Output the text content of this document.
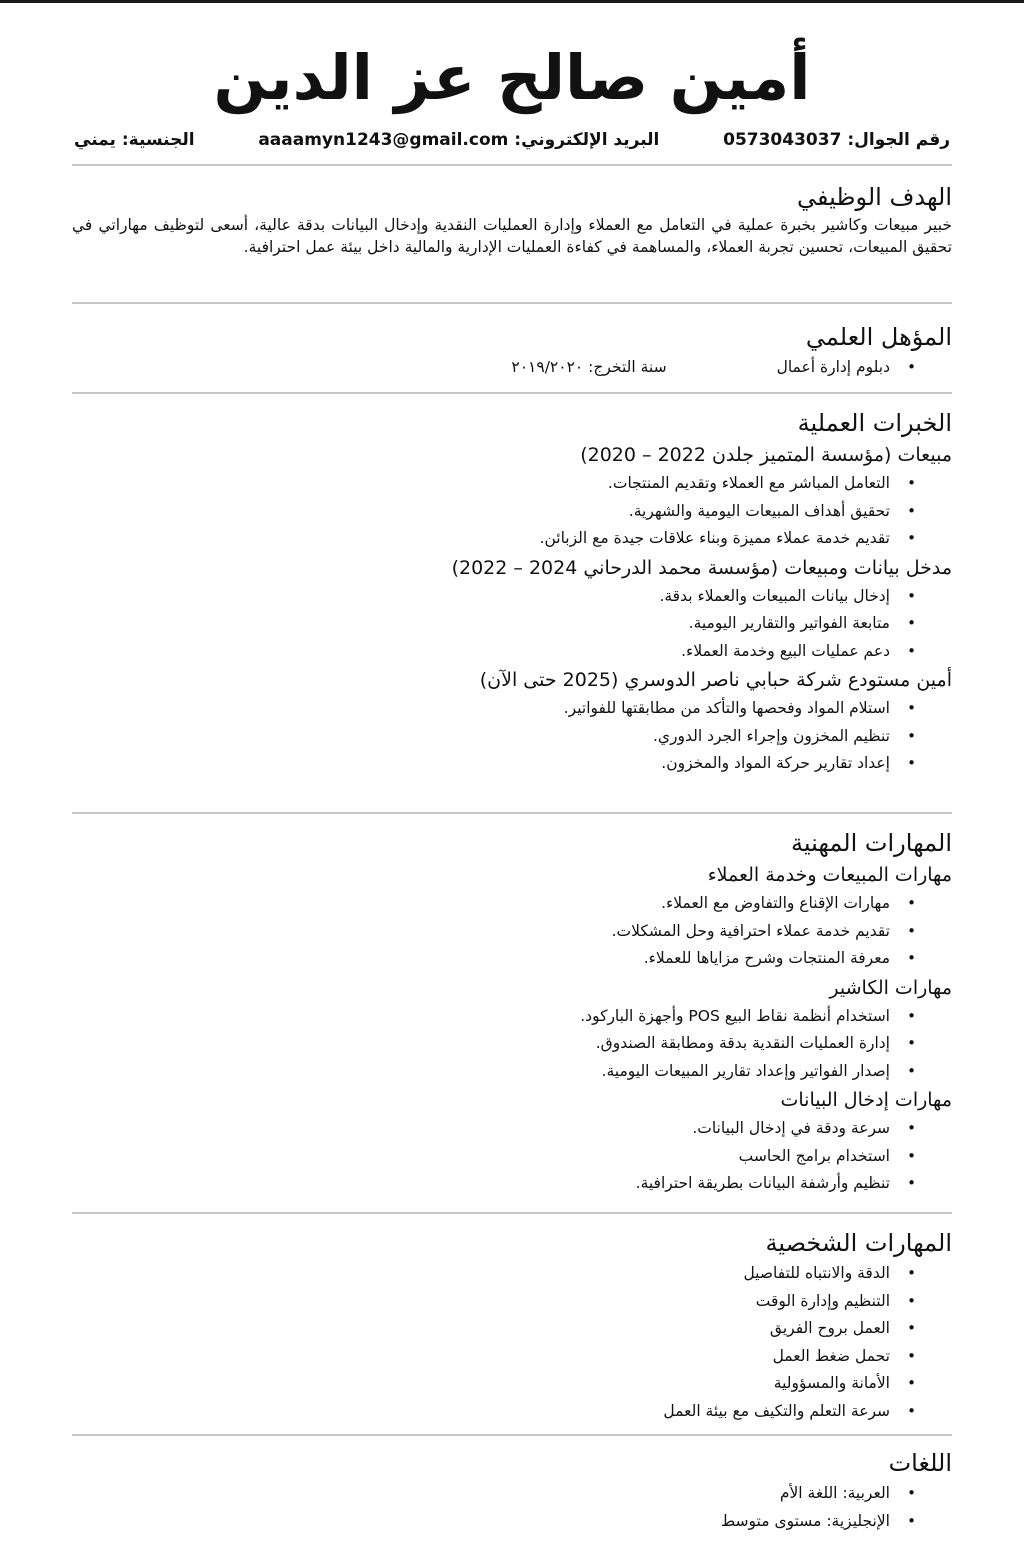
أمين صالح عز الدين
رقم الجوال: 0573043037
البريد الإلكتروني: aaaamyn1243@gmail.com
الجنسية: يمني
الهدف الوظيفي

خبير مبيعات وكاشير بخبرة عملية في التعامل مع العملاء وإدارة العمليات النقدية وإدخال البيانات بدقة عالية، أسعى لتوظيف مهاراتي في تحقيق المبيعات، تحسين تجربة العملاء، والمساهمة في كفاءة العمليات الإدارية والمالية داخل بيئة عمل احترافية.

المؤهل العلمي
• دبلوم إدارة أعمال
سنة التخرج: ٢٠١٩/٢٠٢٠
الخبرات العملية
مبيعات (مؤسسة المتميز جلدن 2022 – 2020)
• التعامل المباشر مع العملاء وتقديم المنتجات.
• تحقيق أهداف المبيعات اليومية والشهرية.
• تقديم خدمة عملاء مميزة وبناء علاقات جيدة مع الزبائن.
مدخل بيانات ومبيعات (مؤسسة محمد الدرحاني 2024 – 2022)
• إدخال بيانات المبيعات والعملاء بدقة.
• متابعة الفواتير والتقارير اليومية.
• دعم عمليات البيع وخدمة العملاء.
أمين مستودع شركة حبابي ناصر الدوسري (2025 حتى الآن)
• استلام المواد وفحصها والتأكد من مطابقتها للفواتير.
• تنظيم المخزون وإجراء الجرد الدوري.
• إعداد تقارير حركة المواد والمخزون.
المهارات المهنية
مهارات المبيعات وخدمة العملاء
• مهارات الإقناع والتفاوض مع العملاء.
• تقديم خدمة عملاء احترافية وحل المشكلات.
• معرفة المنتجات وشرح مزاياها للعملاء.
مهارات الكاشير
• استخدام أنظمة نقاط البيع POS وأجهزة الباركود.
• إدارة العمليات النقدية بدقة ومطابقة الصندوق.
• إصدار الفواتير وإعداد تقارير المبيعات اليومية.
مهارات إدخال البيانات
• سرعة ودقة في إدخال البيانات.
• استخدام برامج الحاسب
• تنظيم وأرشفة البيانات بطريقة احترافية.
المهارات الشخصية
• الدقة والانتباه للتفاصيل
• التنظيم وإدارة الوقت
• العمل بروح الفريق
• تحمل ضغط العمل
• الأمانة والمسؤولية
• سرعة التعلم والتكيف مع بيئة العمل
اللغات
• العربية: اللغة الأم
• الإنجليزية: مستوى متوسط
